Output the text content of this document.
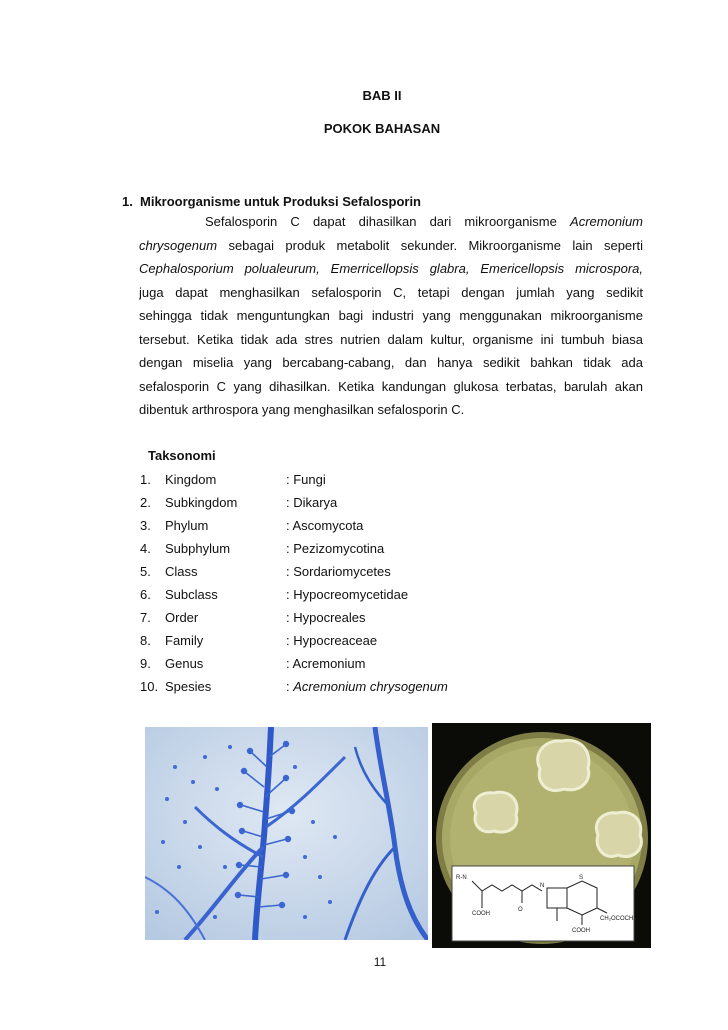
BAB II
POKOK BAHASAN
1. Mikroorganisme untuk Produksi Sefalosporin
Sefalosporin C dapat dihasilkan dari mikroorganisme Acremonium
chrysogenum sebagai produk metabolit sekunder. Mikroorganisme lain seperti
Cephalosporium polualeurum, Emerricellopsis glabra, Emericellopsis microspora,
juga dapat menghasilkan sefalosporin C, tetapi dengan jumlah yang sedikit
sehingga tidak menguntungkan bagi industri yang menggunakan mikroorganisme
tersebut. Ketika tidak ada stres nutrien dalam kultur, organisme ini tumbuh biasa
dengan miselia yang bercabang-cabang, dan hanya sedikit bahkan tidak ada
sefalosporin C yang dihasilkan. Ketika kandungan glukosa terbatas, barulah akan
dibentuk arthrospora yang menghasilkan sefalosporin C.
Taksonomi
1. Kingdom	: Fungi
2. Subkingdom	: Dikarya
3. Phylum	: Ascomycota
4. Subphylum	: Pezizomycotina
5. Class	: Sordariomycetes
6. Subclass	: Hypocreomycetidae
7. Order	: Hypocreales
8. Family	: Hypocreaceae
9. Genus	: Acremonium
10. Spesies	: Acremonium chrysogenum
R-N
COOH
O
N
S
COOH
CH₂OCOCH₃
11
